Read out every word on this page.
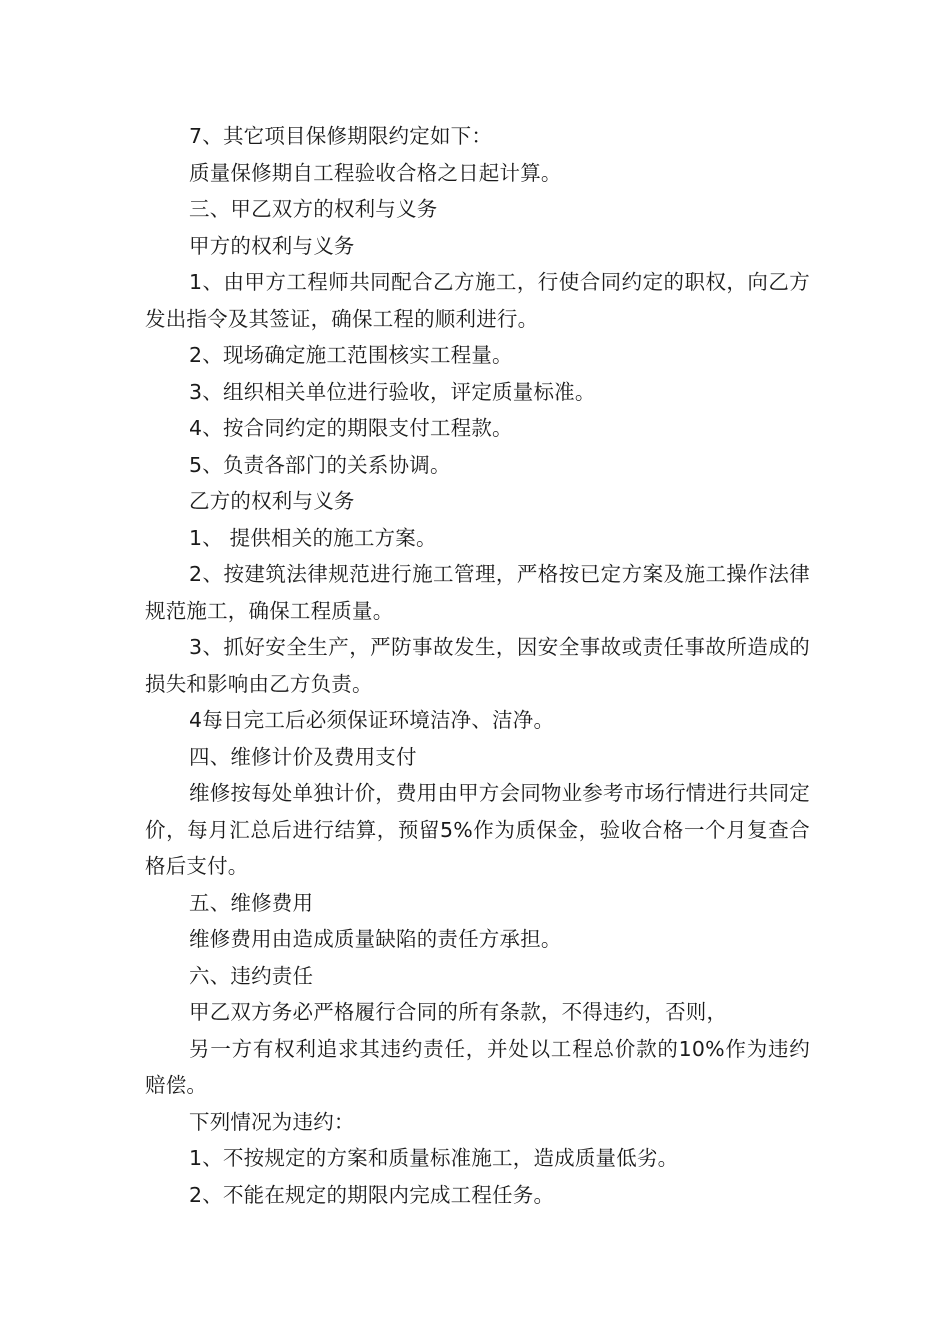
7、其它项目保修期限约定如下：

质量保修期自工程验收合格之日起计算。

三、甲乙双方的权利与义务

甲方的权利与义务

1、由甲方工程师共同配合乙方施工，行使合同约定的职权，向乙方发出指令及其签证，确保工程的顺利进行。

2、现场确定施工范围核实工程量。

3、组织相关单位进行验收，评定质量标准。

4、按合同约定的期限支付工程款。

5、负责各部门的关系协调。

乙方的权利与义务

1、 提供相关的施工方案。

2、按建筑法律规范进行施工管理，严格按已定方案及施工操作法律规范施工，确保工程质量。

3、抓好安全生产，严防事故发生，因安全事故或责任事故所造成的损失和影响由乙方负责。

4每日完工后必须保证环境洁净、洁净。

四、维修计价及费用支付

维修按每处单独计价，费用由甲方会同物业参考市场行情进行共同定价，每月汇总后进行结算，预留5%作为质保金，验收合格一个月复查合格后支付。

五、维修费用

维修费用由造成质量缺陷的责任方承担。

六、违约责任

甲乙双方务必严格履行合同的所有条款，不得违约，否则，

另一方有权利追求其违约责任，并处以工程总价款的10%作为违约赔偿。

下列情况为违约：

1、不按规定的方案和质量标准施工，造成质量低劣。

2、不能在规定的期限内完成工程任务。
